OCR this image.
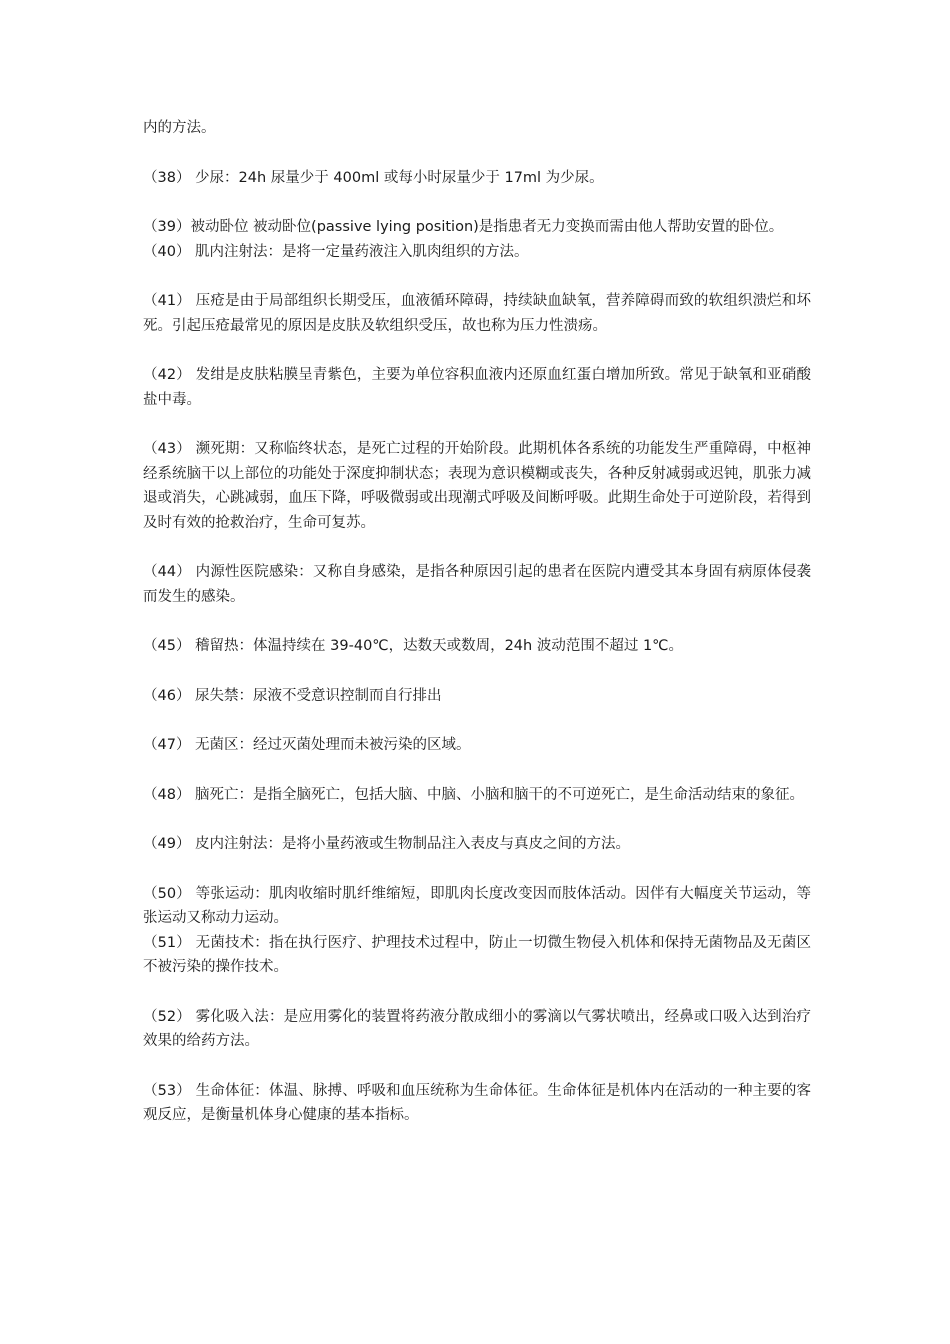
内的方法。

（38） 少尿：24h 尿量少于 400ml 或每小时尿量少于 17ml 为少尿。

（39）被动卧位 被动卧位(passive lying position)是指患者无力变换而需由他人帮助安置的卧位。

（40） 肌内注射法：是将一定量药液注入肌肉组织的方法。

（41） 压疮是由于局部组织长期受压，血液循环障碍，持续缺血缺氧，营养障碍而致的软组织溃烂和坏死。引起压疮最常见的原因是皮肤及软组织受压，故也称为压力性溃疡。

（42） 发绀是皮肤粘膜呈青紫色，主要为单位容积血液内还原血红蛋白增加所致。常见于缺氧和亚硝酸盐中毒。

（43） 濒死期：又称临终状态，是死亡过程的开始阶段。此期机体各系统的功能发生严重障碍，中枢神经系统脑干以上部位的功能处于深度抑制状态；表现为意识模糊或丧失，各种反射减弱或迟钝，肌张力减退或消失，心跳减弱，血压下降，呼吸微弱或出现潮式呼吸及间断呼吸。此期生命处于可逆阶段，若得到及时有效的抢救治疗，生命可复苏。

（44） 内源性医院感染：又称自身感染，是指各种原因引起的患者在医院内遭受其本身固有病原体侵袭而发生的感染。

（45） 稽留热：体温持续在 39-40℃，达数天或数周，24h 波动范围不超过 1℃。

（46） 尿失禁：尿液不受意识控制而自行排出

（47） 无菌区：经过灭菌处理而未被污染的区域。

（48） 脑死亡：是指全脑死亡，包括大脑、中脑、小脑和脑干的不可逆死亡，是生命活动结束的象征。

（49） 皮内注射法：是将小量药液或生物制品注入表皮与真皮之间的方法。

（50） 等张运动：肌肉收缩时肌纤维缩短，即肌肉长度改变因而肢体活动。因伴有大幅度关节运动，等张运动又称动力运动。

（51） 无菌技术：指在执行医疗、护理技术过程中，防止一切微生物侵入机体和保持无菌物品及无菌区不被污染的操作技术。

（52） 雾化吸入法：是应用雾化的装置将药液分散成细小的雾滴以气雾状喷出，经鼻或口吸入达到治疗效果的给药方法。

（53） 生命体征：体温、脉搏、呼吸和血压统称为生命体征。生命体征是机体内在活动的一种主要的客观反应，是衡量机体身心健康的基本指标。
